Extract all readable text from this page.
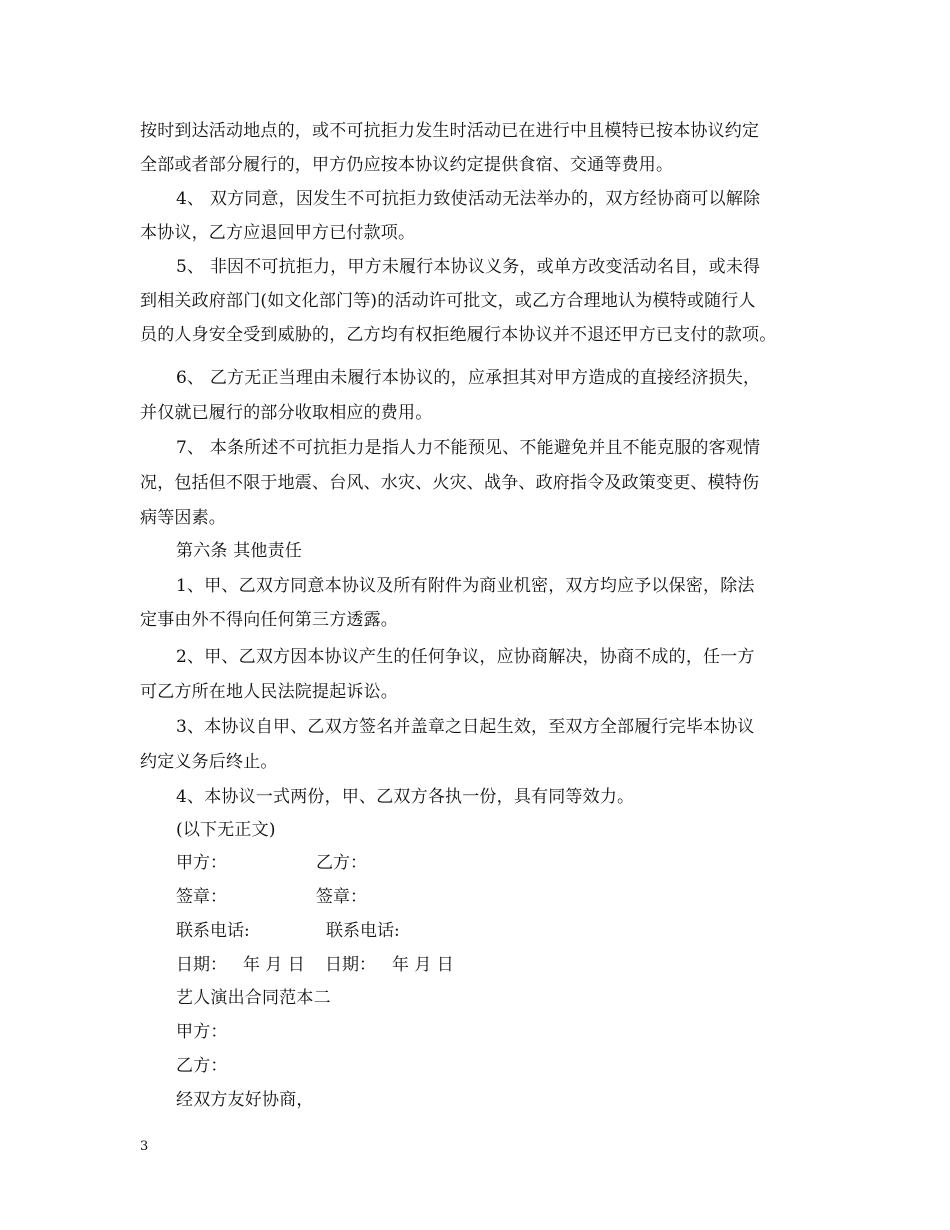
按时到达活动地点的，或不可抗拒力发生时活动已在进行中且模特已按本协议约定
全部或者部分履行的，甲方仍应按本协议约定提供食宿、交通等费用。
4、 双方同意，因发生不可抗拒力致使活动无法举办的，双方经协商可以解除
本协议，乙方应退回甲方已付款项。
5、 非因不可抗拒力，甲方未履行本协议义务，或单方改变活动名目，或未得
到相关政府部门(如文化部门等)的活动许可批文，或乙方合理地认为模特或随行人
员的人身安全受到威胁的，乙方均有权拒绝履行本协议并不退还甲方已支付的款项。
6、 乙方无正当理由未履行本协议的，应承担其对甲方造成的直接经济损失，
并仅就已履行的部分收取相应的费用。
7、 本条所述不可抗拒力是指人力不能预见、不能避免并且不能克服的客观情
况，包括但不限于地震、台风、水灾、火灾、战争、政府指令及政策变更、模特伤
病等因素。
第六条 其他责任
1、甲、乙双方同意本协议及所有附件为商业机密，双方均应予以保密，除法
定事由外不得向任何第三方透露。
2、甲、乙双方因本协议产生的任何争议，应协商解决，协商不成的，任一方
可乙方所在地人民法院提起诉讼。
3、本协议自甲、乙双方签名并盖章之日起生效，至双方全部履行完毕本协议
约定义务后终止。
4、本协议一式两份，甲、乙双方各执一份，具有同等效力。
(以下无正文)
甲方：	乙方：
签章：	签章：
联系电话:	联系电话:
日期： 年 月 日 日期： 年 月 日
艺人演出合同范本二
甲方：
乙方：
经双方友好协商，
3
